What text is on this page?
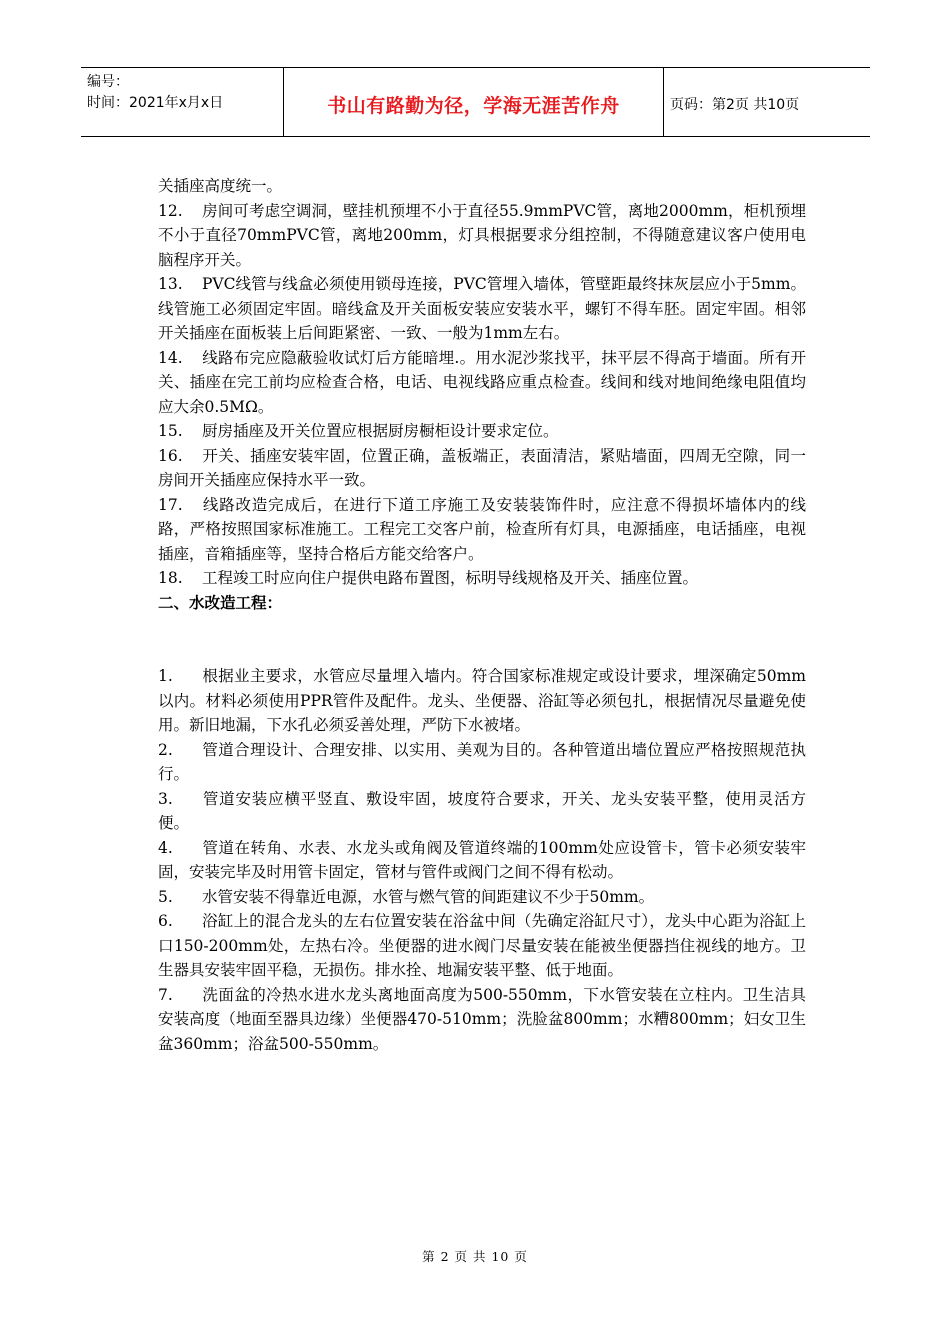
编号：
时间：2021年x月x日	书山有路勤为径，学海无涯苦作舟	页码：第2页 共10页

关插座高度统一。

12. 房间可考虑空调洞，壁挂机预埋不小于直径55.9mmPVC管，离地2000mm，柜机预埋不小于直径70mmPVC管，离地200mm，灯具根据要求分组控制，不得随意建议客户使用电脑程序开关。

13. PVC线管与线盒必须使用锁母连接，PVC管埋入墙体，管壁距最终抹灰层应小于5mm。线管施工必须固定牢固。暗线盒及开关面板安装应安装水平，螺钉不得车胚。固定牢固。相邻开关插座在面板装上后间距紧密、一致、一般为1mm左右。

14. 线路布完应隐蔽验收试灯后方能暗埋.。用水泥沙浆找平，抹平层不得高于墙面。所有开关、插座在完工前均应检查合格，电话、电视线路应重点检查。线间和线对地间绝缘电阻值均应大余0.5MΩ。

15. 厨房插座及开关位置应根据厨房橱柜设计要求定位。

16. 开关、插座安装牢固，位置正确，盖板端正，表面清洁，紧贴墙面，四周无空隙，同一房间开关插座应保持水平一致。

17. 线路改造完成后，在进行下道工序施工及安装装饰件时，应注意不得损坏墙体内的线路，严格按照国家标准施工。工程完工交客户前，检查所有灯具，电源插座，电话插座，电视插座，音箱插座等，坚持合格后方能交给客户。

18. 工程竣工时应向住户提供电路布置图，标明导线规格及开关、插座位置。

二、水改造工程：

1. 根据业主要求，水管应尽量埋入墙内。符合国家标准规定或设计要求，埋深确定50mm以内。材料必须使用PPR管件及配件。龙头、坐便器、浴缸等必须包扎，根据情况尽量避免使用。新旧地漏，下水孔必须妥善处理，严防下水被堵。

2. 管道合理设计、合理安排、以实用、美观为目的。各种管道出墙位置应严格按照规范执行。

3. 管道安装应横平竖直、敷设牢固，坡度符合要求，开关、龙头安装平整，使用灵活方便。

4. 管道在转角、水表、水龙头或角阀及管道终端的100mm处应设管卡，管卡必须安装牢固，安装完毕及时用管卡固定，管材与管件或阀门之间不得有松动。

5. 水管安装不得靠近电源，水管与燃气管的间距建议不少于50mm。

6. 浴缸上的混合龙头的左右位置安装在浴盆中间（先确定浴缸尺寸），龙头中心距为浴缸上口150-200mm处，左热右冷。坐便器的进水阀门尽量安装在能被坐便器挡住视线的地方。卫生器具安装牢固平稳，无损伤。排水拴、地漏安装平整、低于地面。

7. 洗面盆的冷热水进水龙头离地面高度为500-550mm，下水管安装在立柱内。卫生洁具安装高度（地面至器具边缘）坐便器470-510mm；洗脸盆800mm；水糟800mm；妇女卫生盆360mm；浴盆500-550mm。

第 2 页 共 10 页
